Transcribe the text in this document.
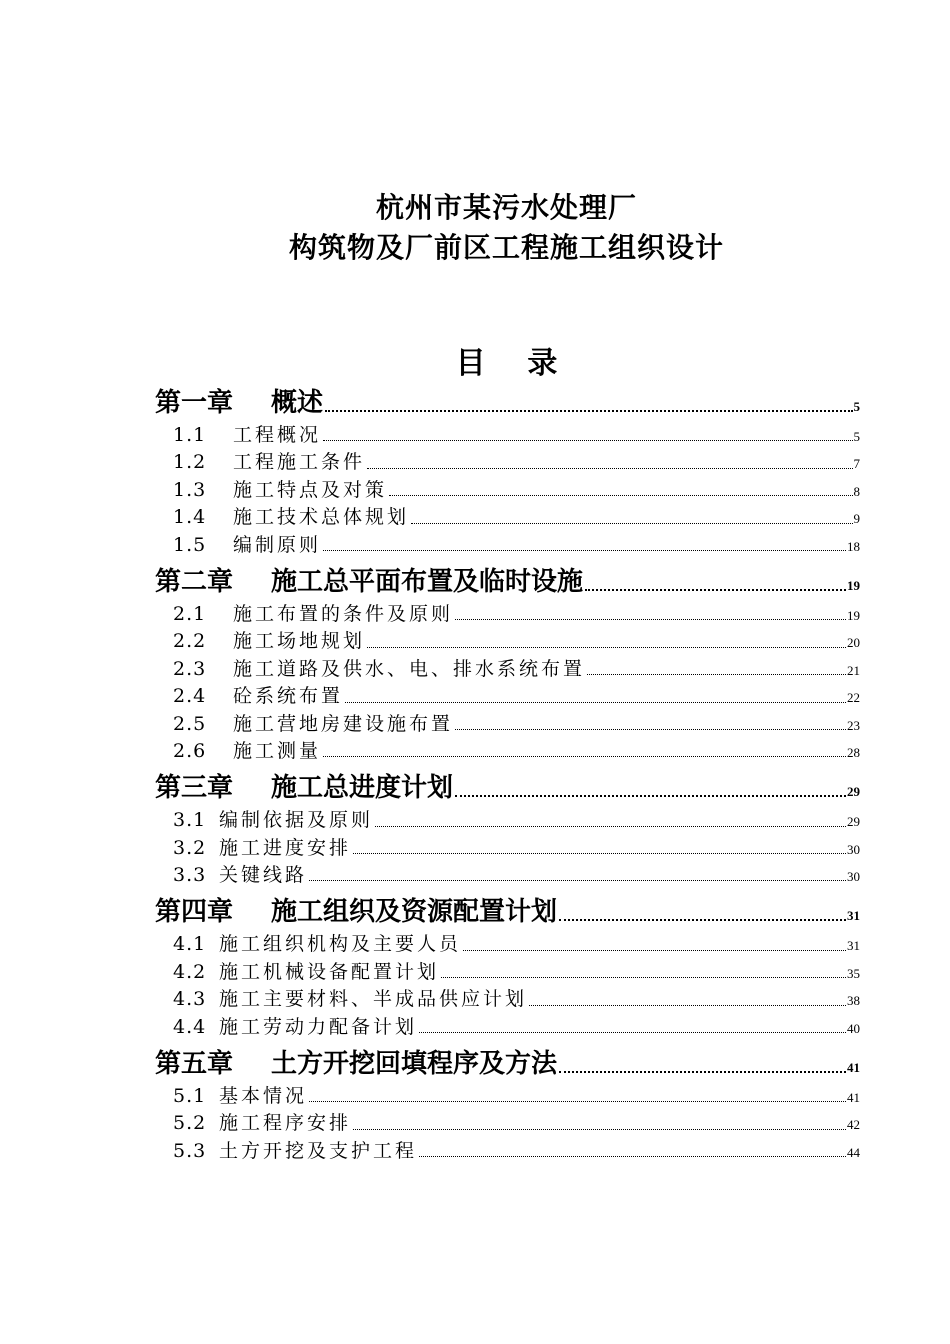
杭州市某污水处理厂
构筑物及厂前区工程施工组织设计
目    录
第一章 概述	5
1.1 工程概况	5
1.2 工程施工条件	7
1.3 施工特点及对策	8
1.4 施工技术总体规划	9
1.5 编制原则	18
第二章 施工总平面布置及临时设施	19
2.1 施工布置的条件及原则	19
2.2 施工场地规划	20
2.3 施工道路及供水、电、排水系统布置	21
2.4 砼系统布置	22
2.5 施工营地房建设施布置	23
2.6 施工测量	28
第三章 施工总进度计划	29
3.1 编制依据及原则	29
3.2 施工进度安排	30
3.3 关键线路	30
第四章 施工组织及资源配置计划	31
4.1 施工组织机构及主要人员	31
4.2 施工机械设备配置计划	35
4.3 施工主要材料、半成品供应计划	38
4.4 施工劳动力配备计划	40
第五章 土方开挖回填程序及方法	41
5.1 基本情况	41
5.2 施工程序安排	42
5.3 土方开挖及支护工程	44
